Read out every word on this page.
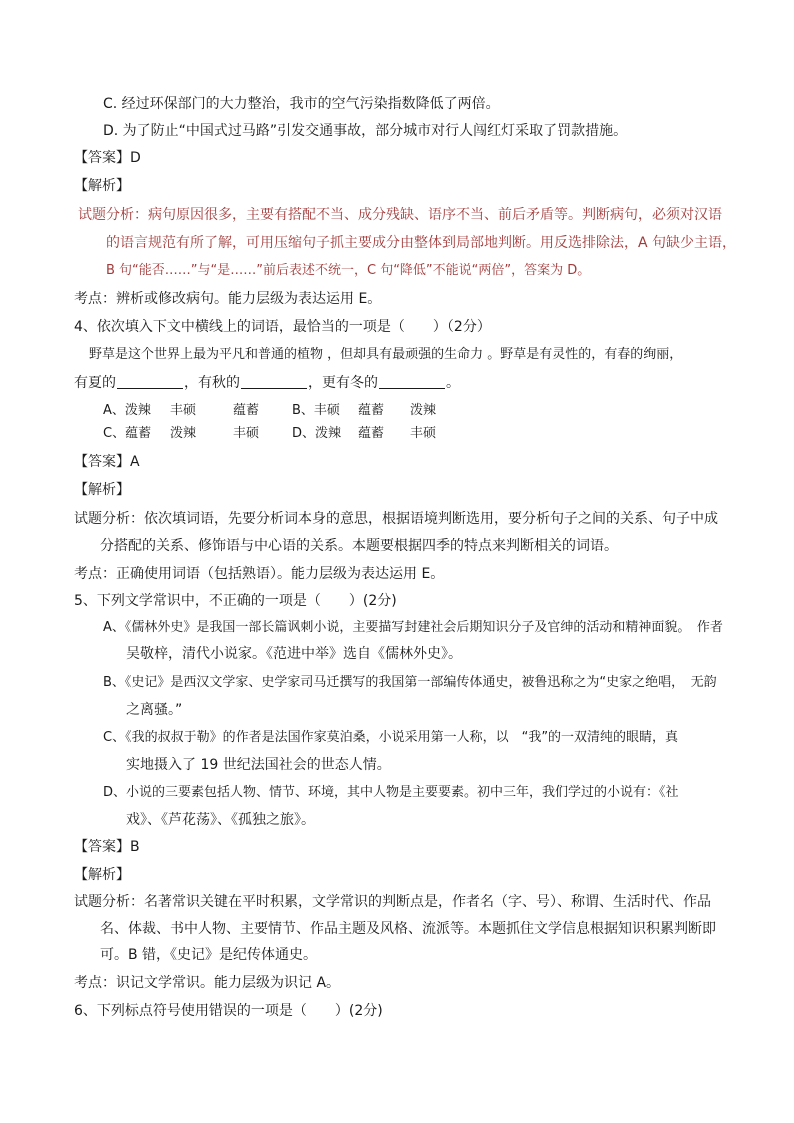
C. 经过环保部门的大力整治，我市的空气污染指数降低了两倍。
D. 为了防止“中国式过马路”引发交通事故，部分城市对行人闯红灯采取了罚款措施。
【答案】D
【解析】
试题分析：病句原因很多，主要有搭配不当、成分残缺、语序不当、前后矛盾等。判断病句，必须对汉语
的语言规范有所了解，可用压缩句子抓主要成分由整体到局部地判断。用反选排除法，A 句缺少主语，
B 句“能否……”与“是……”前后表述不统一，C 句“降低”不能说“两倍”，答案为 D。
考点：辨析或修改病句。能力层级为表达运用 E。
4、依次填入下文中横线上的词语，最恰当的一项是（　　）（2分）
野草是这个世界上最为平凡和普通的植物 ，但却具有最顽强的生命力 。野草是有灵性的，有春的绚丽，
有夏的	，有秋的	，更有冬的	。
A、泼辣 丰硕	蕴蓄	B、丰硕 蕴蓄 泼辣
C、蕴蓄 泼辣	丰硕	D、泼辣 蕴蓄 丰硕
【答案】A
【解析】
试题分析：依次填词语，先要分析词本身的意思，根据语境判断选用，要分析句子之间的关系、句子中成
分搭配的关系、修饰语与中心语的关系。本题要根据四季的特点来判断相关的词语。
考点：正确使用词语（包括熟语）。能力层级为表达运用 E。
5、下列文学常识中，不正确的一项是（　　）(2分)
A、《儒林外史》是我国一部长篇讽刺小说，主要描写封建社会后期知识分子及官绅的活动和精神面貌。　作者
吴敬梓，清代小说家。《范进中举》选自《儒林外史》。
B、《史记》是西汉文学家、史学家司马迁撰写的我国第一部编传体通史，被鲁迅称之为“史家之绝唱，　无韵
之离骚。”
C、《我的叔叔于勒》的作者是法国作家莫泊桑，小说采用第一人称，以　“我”的一双清纯的眼睛，真
实地摄入了 19 世纪法国社会的世态人情。
D、小说的三要素包括人物、情节、环境，其中人物是主要要素。初中三年，我们学过的小说有：《社
戏》、《芦花荡》、《孤独之旅》。
【答案】B
【解析】
试题分析：名著常识关键在平时积累，文学常识的判断点是，作者名（字、号）、称谓、生活时代、作品
名、体裁、书中人物、主要情节、作品主题及风格、流派等。本题抓住文学信息根据知识积累判断即
可。B 错，《史记》是纪传体通史。
考点：识记文学常识。能力层级为识记 A。
6、下列标点符号使用错误的一项是（　　）(2分)
